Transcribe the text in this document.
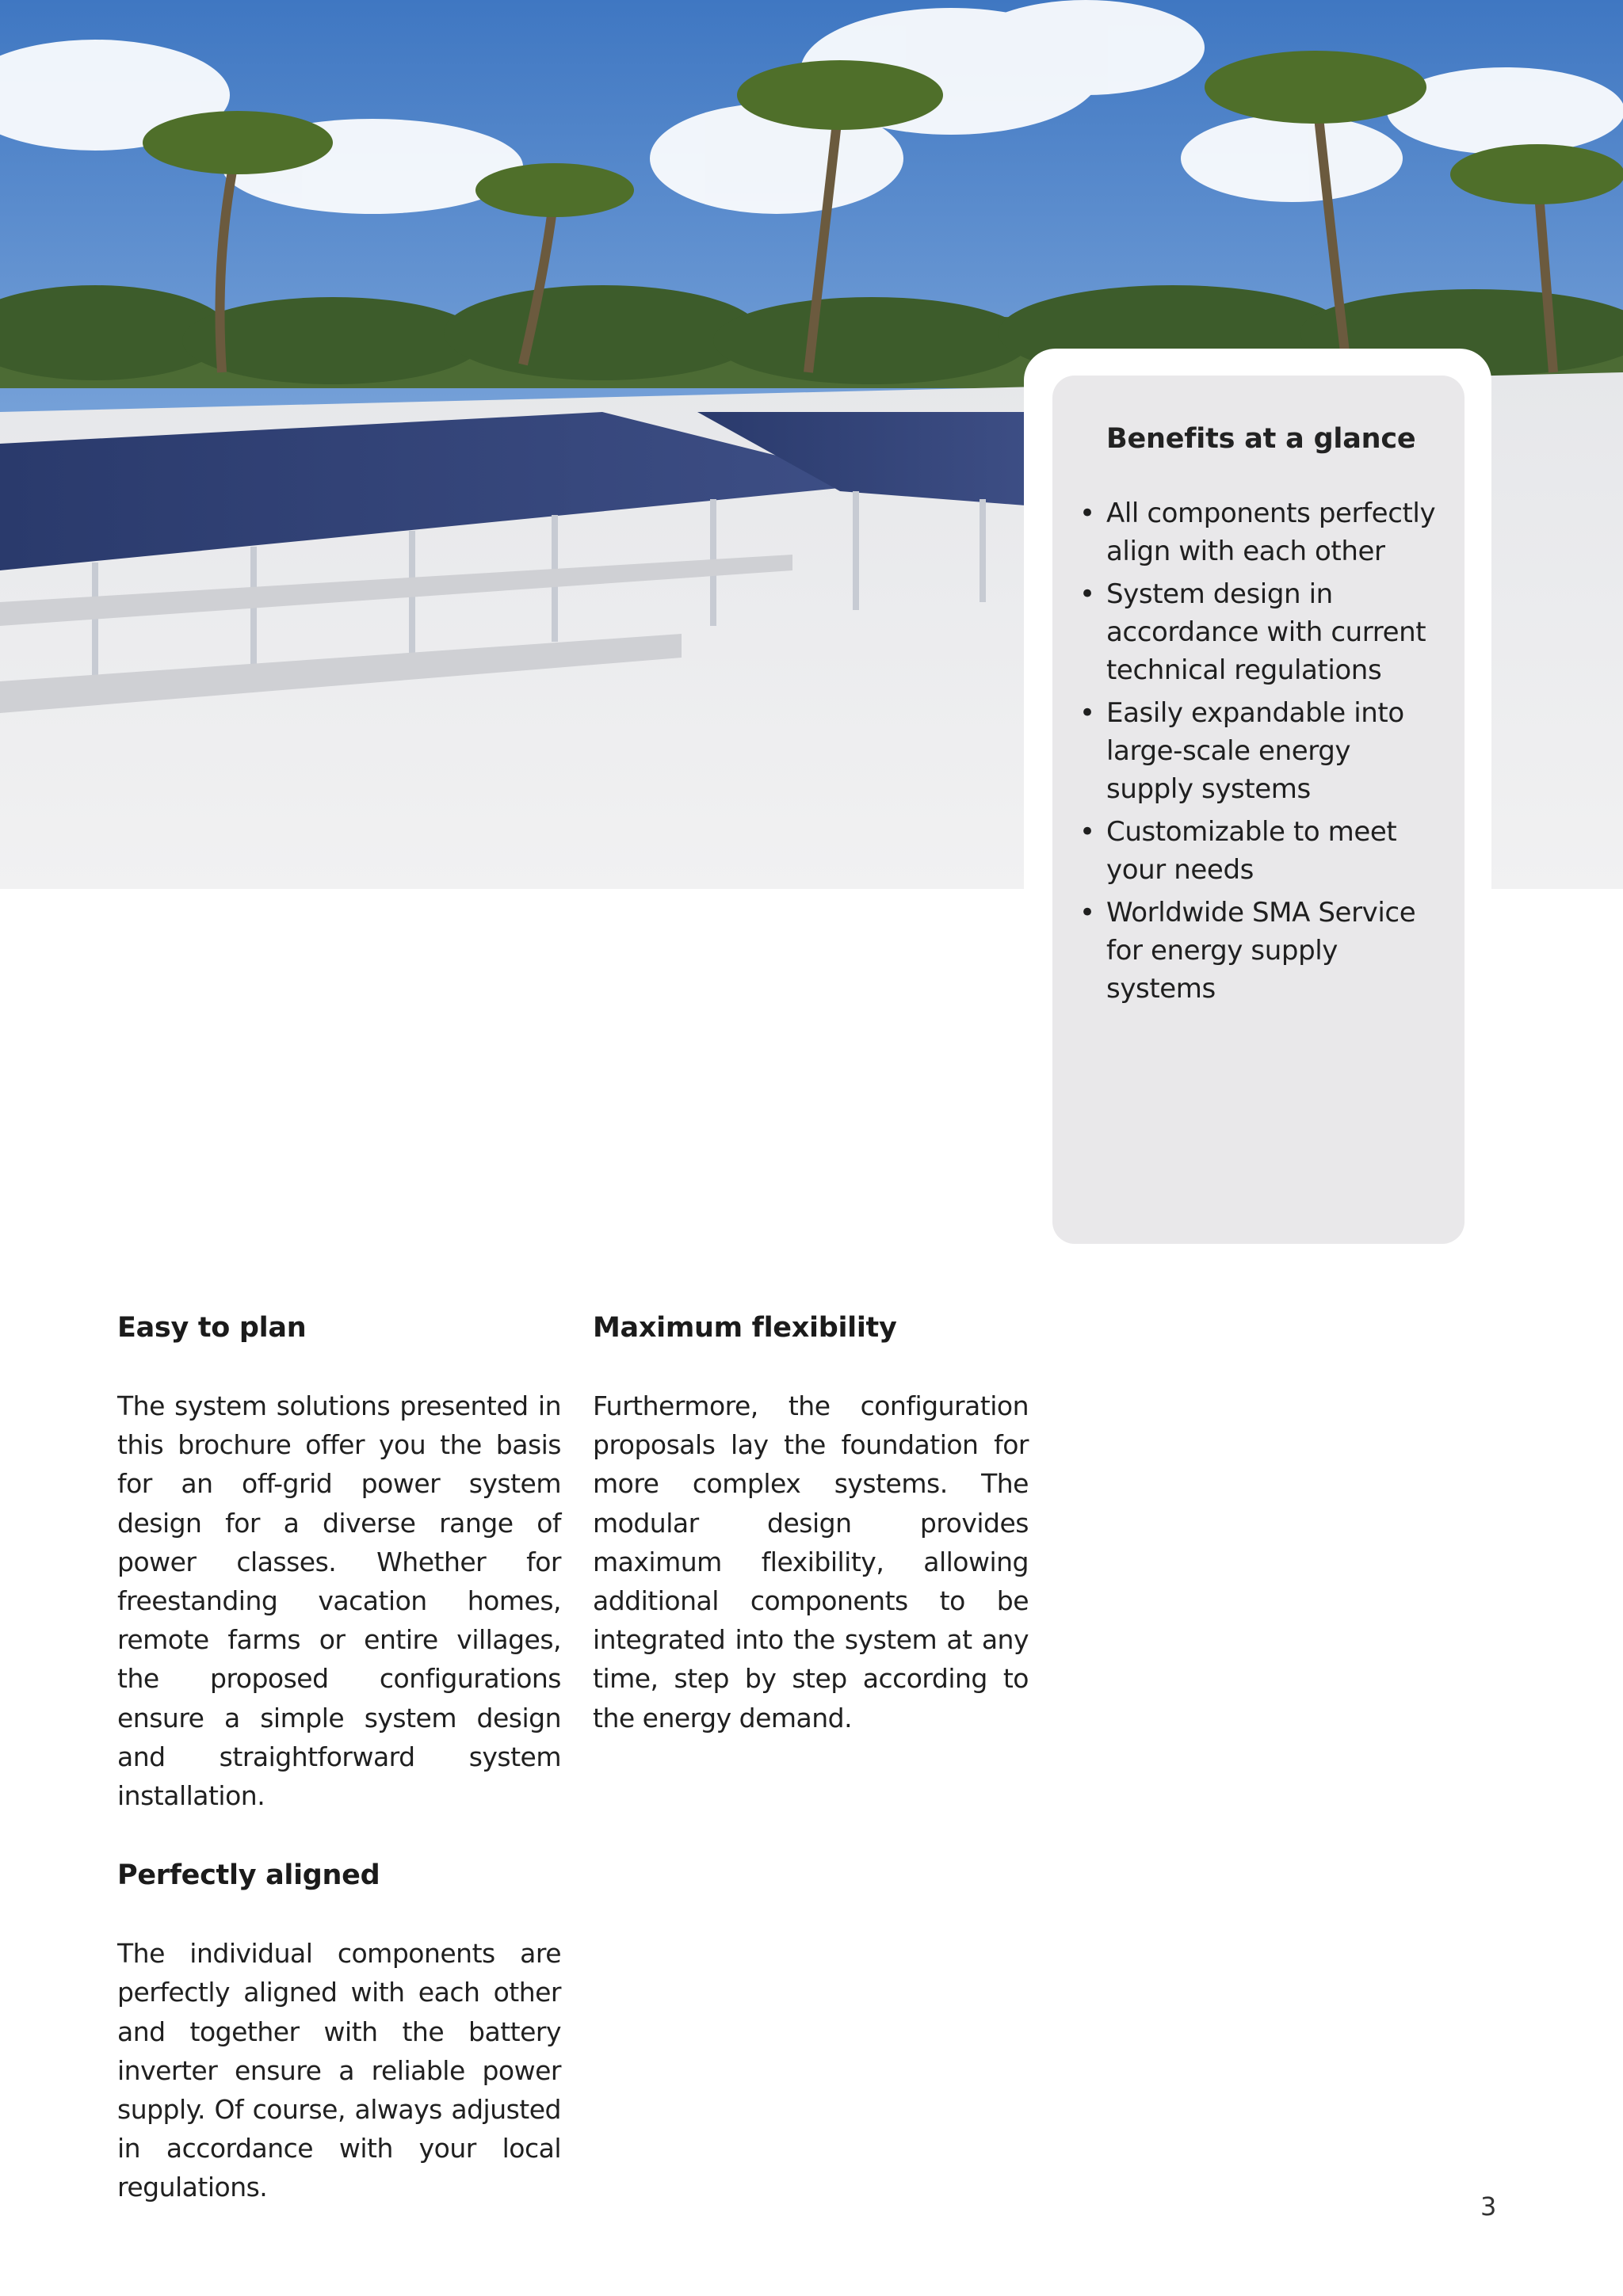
Benefits at a glance
• All components perfectly align with each other
• System design in accordance with current technical regulations
• Easily expandable into large-scale energy supply systems
• Customizable to meet your needs
• Worldwide SMA Service for energy supply systems
Easy to plan

The system solutions presented in this brochure offer you the basis for an off-grid power system design for a diverse range of power classes. Whether for freestanding vacation homes, remote farms or entire villages, the proposed configurations ensure a simple system design and straightforward system installation.

Perfectly aligned

The individual components are perfectly aligned with each other and together with the battery inverter ensure a reliable power supply. Of course, always adjusted in accordance with your local regulations.

Maximum flexibility

Furthermore, the configuration proposals lay the foundation for more complex systems. The modular design provides maximum flexibility, allowing additional components to be integrated into the system at any time, step by step according to the energy demand.

3
